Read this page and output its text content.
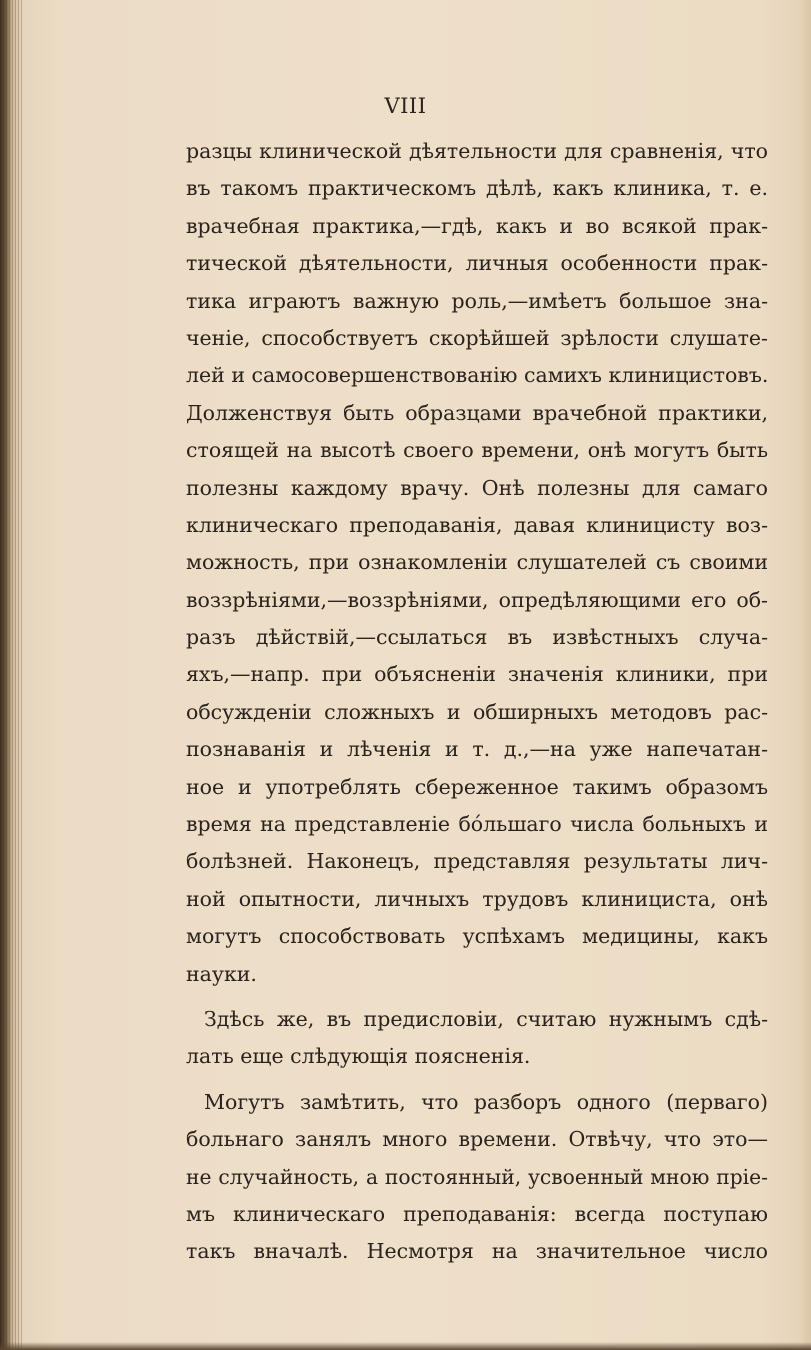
VIII
разцы клинической дѣятельности для сравненія, что
въ такомъ практическомъ дѣлѣ, какъ клиника, т. е.
врачебная практика,—гдѣ, какъ и во всякой прак-
тической дѣятельности, личныя особенности прак-
тика играютъ важную роль,—имѣетъ большое зна-
ченіе, способствуетъ скорѣйшей зрѣлости слушате-
лей и самосовершенствованію самихъ клиницистовъ.
Долженствуя быть образцами врачебной практики,
стоящей на высотѣ своего времени, онѣ могутъ быть
полезны каждому врачу. Онѣ полезны для самаго
клиническаго преподаванія, давая клиницисту воз-
можность, при ознакомленіи слушателей съ своими
воззрѣніями,—воззрѣніями, опредѣляющими его об-
разъ дѣйствій,—ссылаться въ извѣстныхъ случа-
яхъ,—напр. при объясненіи значенія клиники, при
обсужденіи сложныхъ и обширныхъ методовъ рас-
познаванія и лѣченія и т. д.,—на уже напечатан-
ное и употреблять сбереженное такимъ образомъ
время на представленіе бóльшаго числа больныхъ и
болѣзней. Наконецъ, представляя результаты лич-
ной опытности, личныхъ трудовъ клинициста, онѣ
могутъ способствовать успѣхамъ медицины, какъ
науки.
Здѣсь же, въ предисловіи, считаю нужнымъ сдѣ-
лать еще слѣдующія поясненія.
Могутъ замѣтить, что разборъ одного (перваго)
больнаго занялъ много времени. Отвѣчу, что это—
не случайность, а постоянный, усвоенный мною пріе-
мъ клиническаго преподаванія: всегда поступаю
такъ вначалѣ. Несмотря на значительное число
